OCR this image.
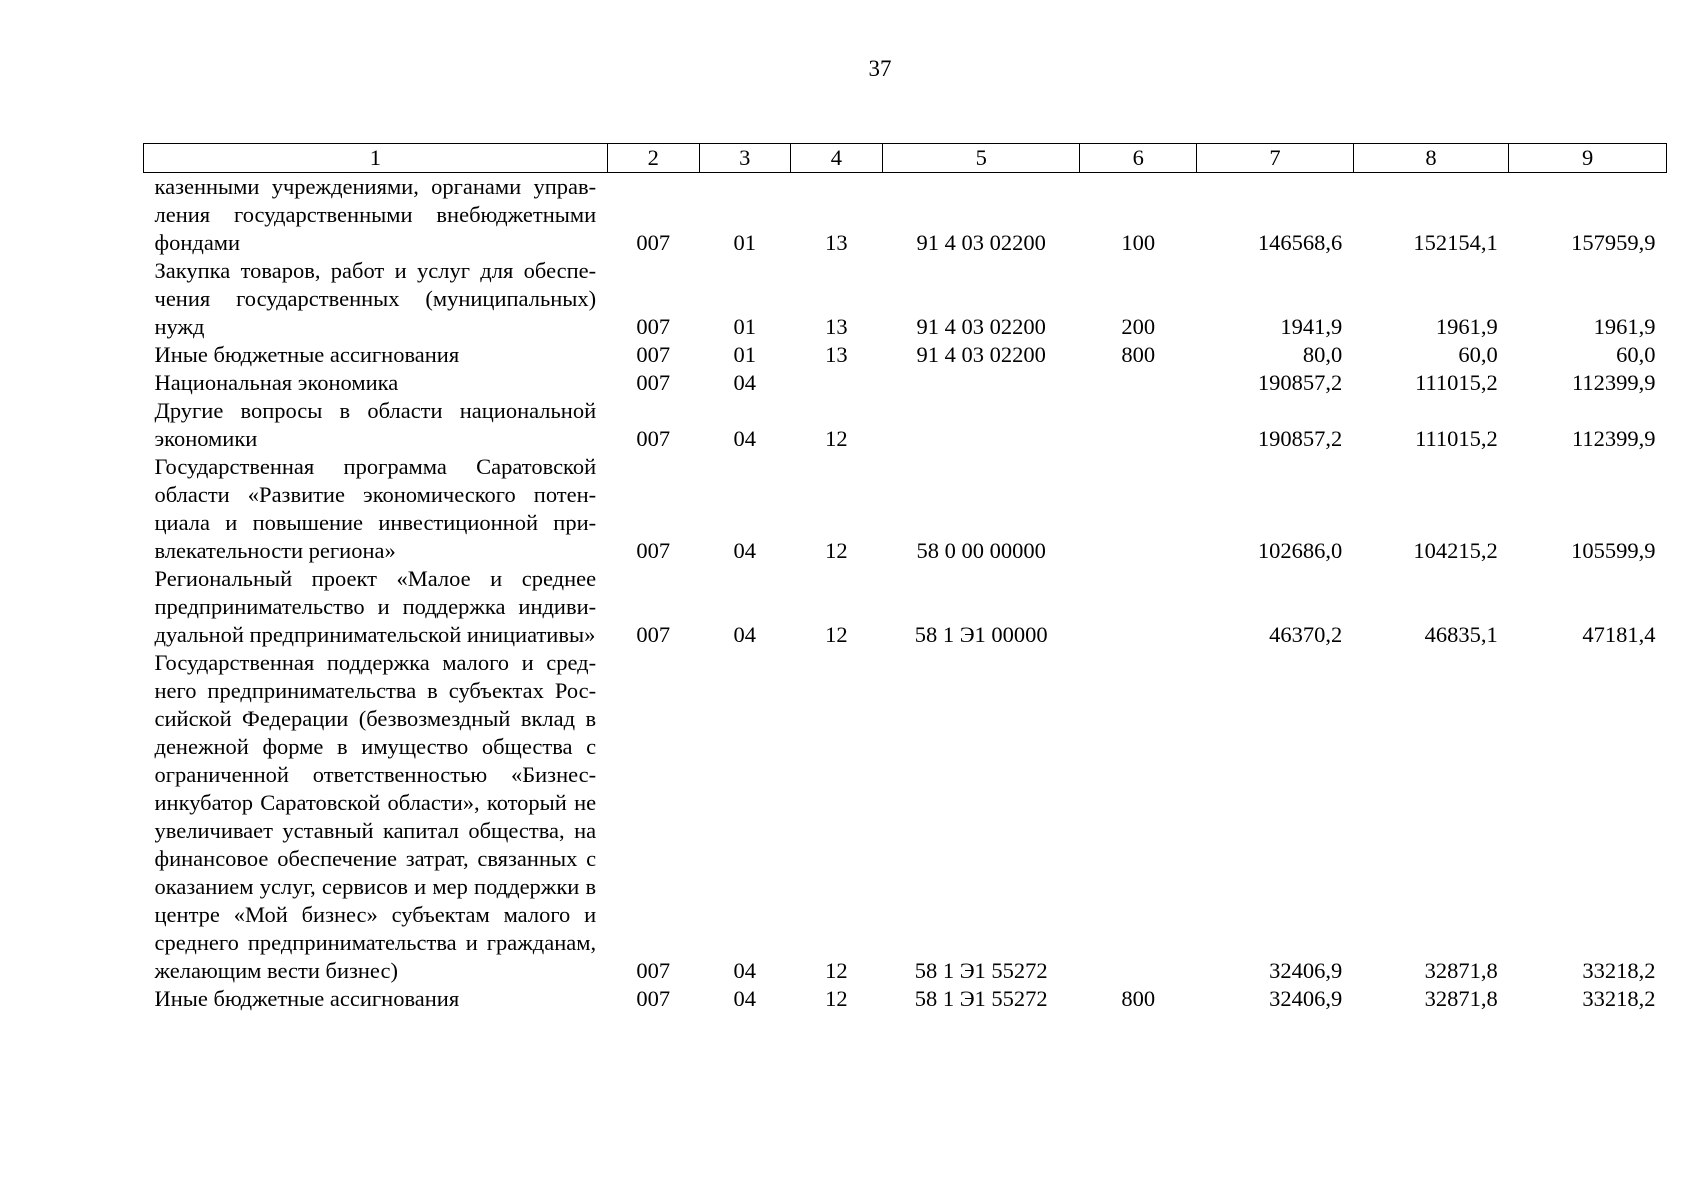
37
1	2	3	4	5	6	7	8	9
казенными учреждениями, органами управления государственными внебюджетными фондами	007	01	13	91 4 03 02200	100	146568,6	152154,1	157959,9
Закупка товаров, работ и услуг для обеспечения государственных (муниципальных) нужд	007	01	13	91 4 03 02200	200	1941,9	1961,9	1961,9
Иные бюджетные ассигнования	007	01	13	91 4 03 02200	800	80,0	60,0	60,0
Национальная экономика	007	04				190857,2	111015,2	112399,9
Другие вопросы в области национальной экономики	007	04	12			190857,2	111015,2	112399,9
Государственная программа Саратовской области «Развитие экономического потенциала и повышение инвестиционной привлекательности региона»	007	04	12	58 0 00 00000		102686,0	104215,2	105599,9
Региональный проект «Малое и среднее предпринимательство и поддержка индивидуальной предпринимательской инициативы»	007	04	12	58 1 Э1 00000		46370,2	46835,1	47181,4
Государственная поддержка малого и среднего предпринимательства в субъектах Российской Федерации (безвозмездный вклад в денежной форме в имущество общества с ограниченной ответственностью «Бизнес-инкубатор Саратовской области», который не увеличивает уставный капитал общества, на финансовое обеспечение затрат, связанных с оказанием услуг, сервисов и мер поддержки в центре «Мой бизнес» субъектам малого и среднего предпринимательства и гражданам, желающим вести бизнес)	007	04	12	58 1 Э1 55272		32406,9	32871,8	33218,2
Иные бюджетные ассигнования	007	04	12	58 1 Э1 55272	800	32406,9	32871,8	33218,2
